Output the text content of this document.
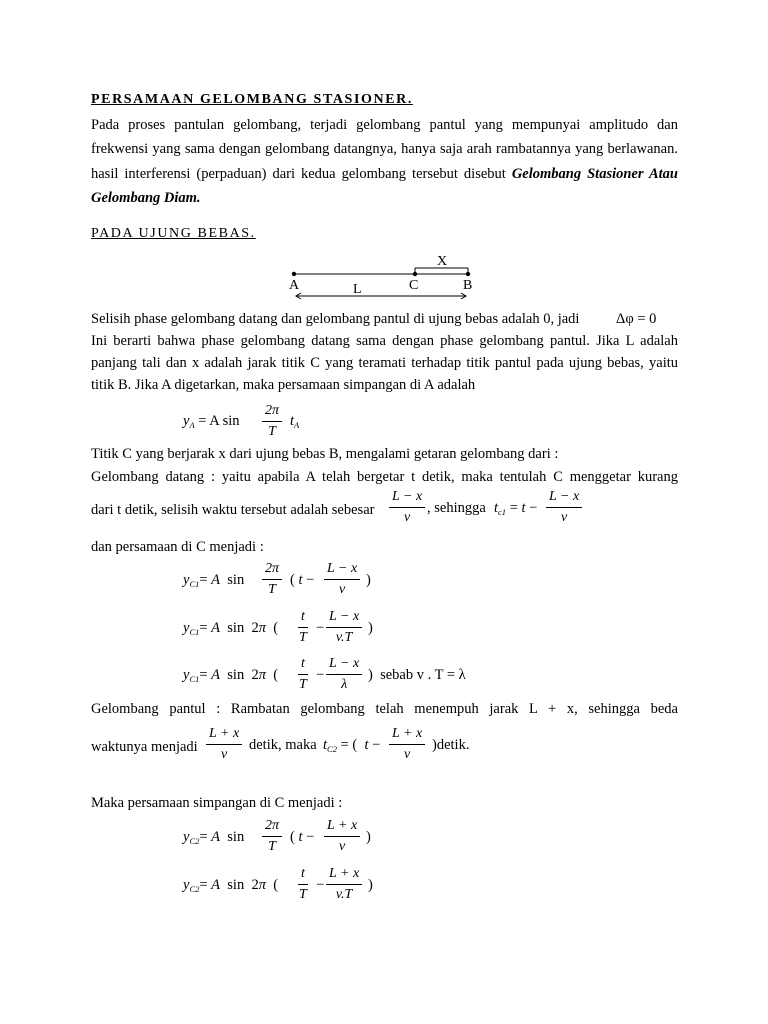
PERSAMAAN GELOMBANG STASIONER.
Pada proses pantulan gelombang, terjadi gelombang pantul yang mempunyai amplitudo dan frekwensi yang sama dengan gelombang datangnya, hanya saja arah rambatannya yang berlawanan. hasil interferensi (perpaduan) dari kedua gelombang tersebut disebut Gelombang Stasioner Atau Gelombang Diam.
PADA UJUNG BEBAS.
X
A	C	B
L
Selisih phase gelombang datang dan gelombang pantul di ujung bebas adalah 0, jadi	Δφ = 0
Ini berarti bahwa phase gelombang datang sama dengan phase gelombang pantul. Jika L adalah panjang tali dan x adalah jarak titik C yang teramati terhadap titik pantul pada ujung bebas, yaitu titik B. Jika A digetarkan, maka persamaan simpangan di A adalah
$y_A = A$ sin
2π
T
$t_A$
Titik C yang berjarak x dari ujung bebas B, mengalami getaran gelombang dari :
Gelombang datang : yaitu apabila A telah bergetar t detik, maka tentulah C menggetar kurang
dari t detik, selisih waktu tersebut adalah sebesar
L − x
v
, sehingga $t_{c1} = t$ −
L − x
v
dan persamaan di C menjadi :
$y_{C1}= A$  sin
2π
T
( t −
L − x
v
)
$y_{C1}= A$  sin  2π  (
t
T
−
L − x
v.T
)
$y_{C1}= A$  sin  2π  (
t
T
−
L − x
λ
)  sebab v . T = λ
Gelombang pantul : Rambatan gelombang telah menempuh jarak L + x, sehingga beda
waktunya menjadi
L + x
v
detik, maka $t_{C2}$ = (  t −
L + x
v
)detik.
Maka persamaan simpangan di C menjadi :
$y_{C2}= A$  sin
2π
T
( t −
L + x
v
)
$y_{C2}= A$  sin  2π  (
t
T
−
L + x
v.T
)
